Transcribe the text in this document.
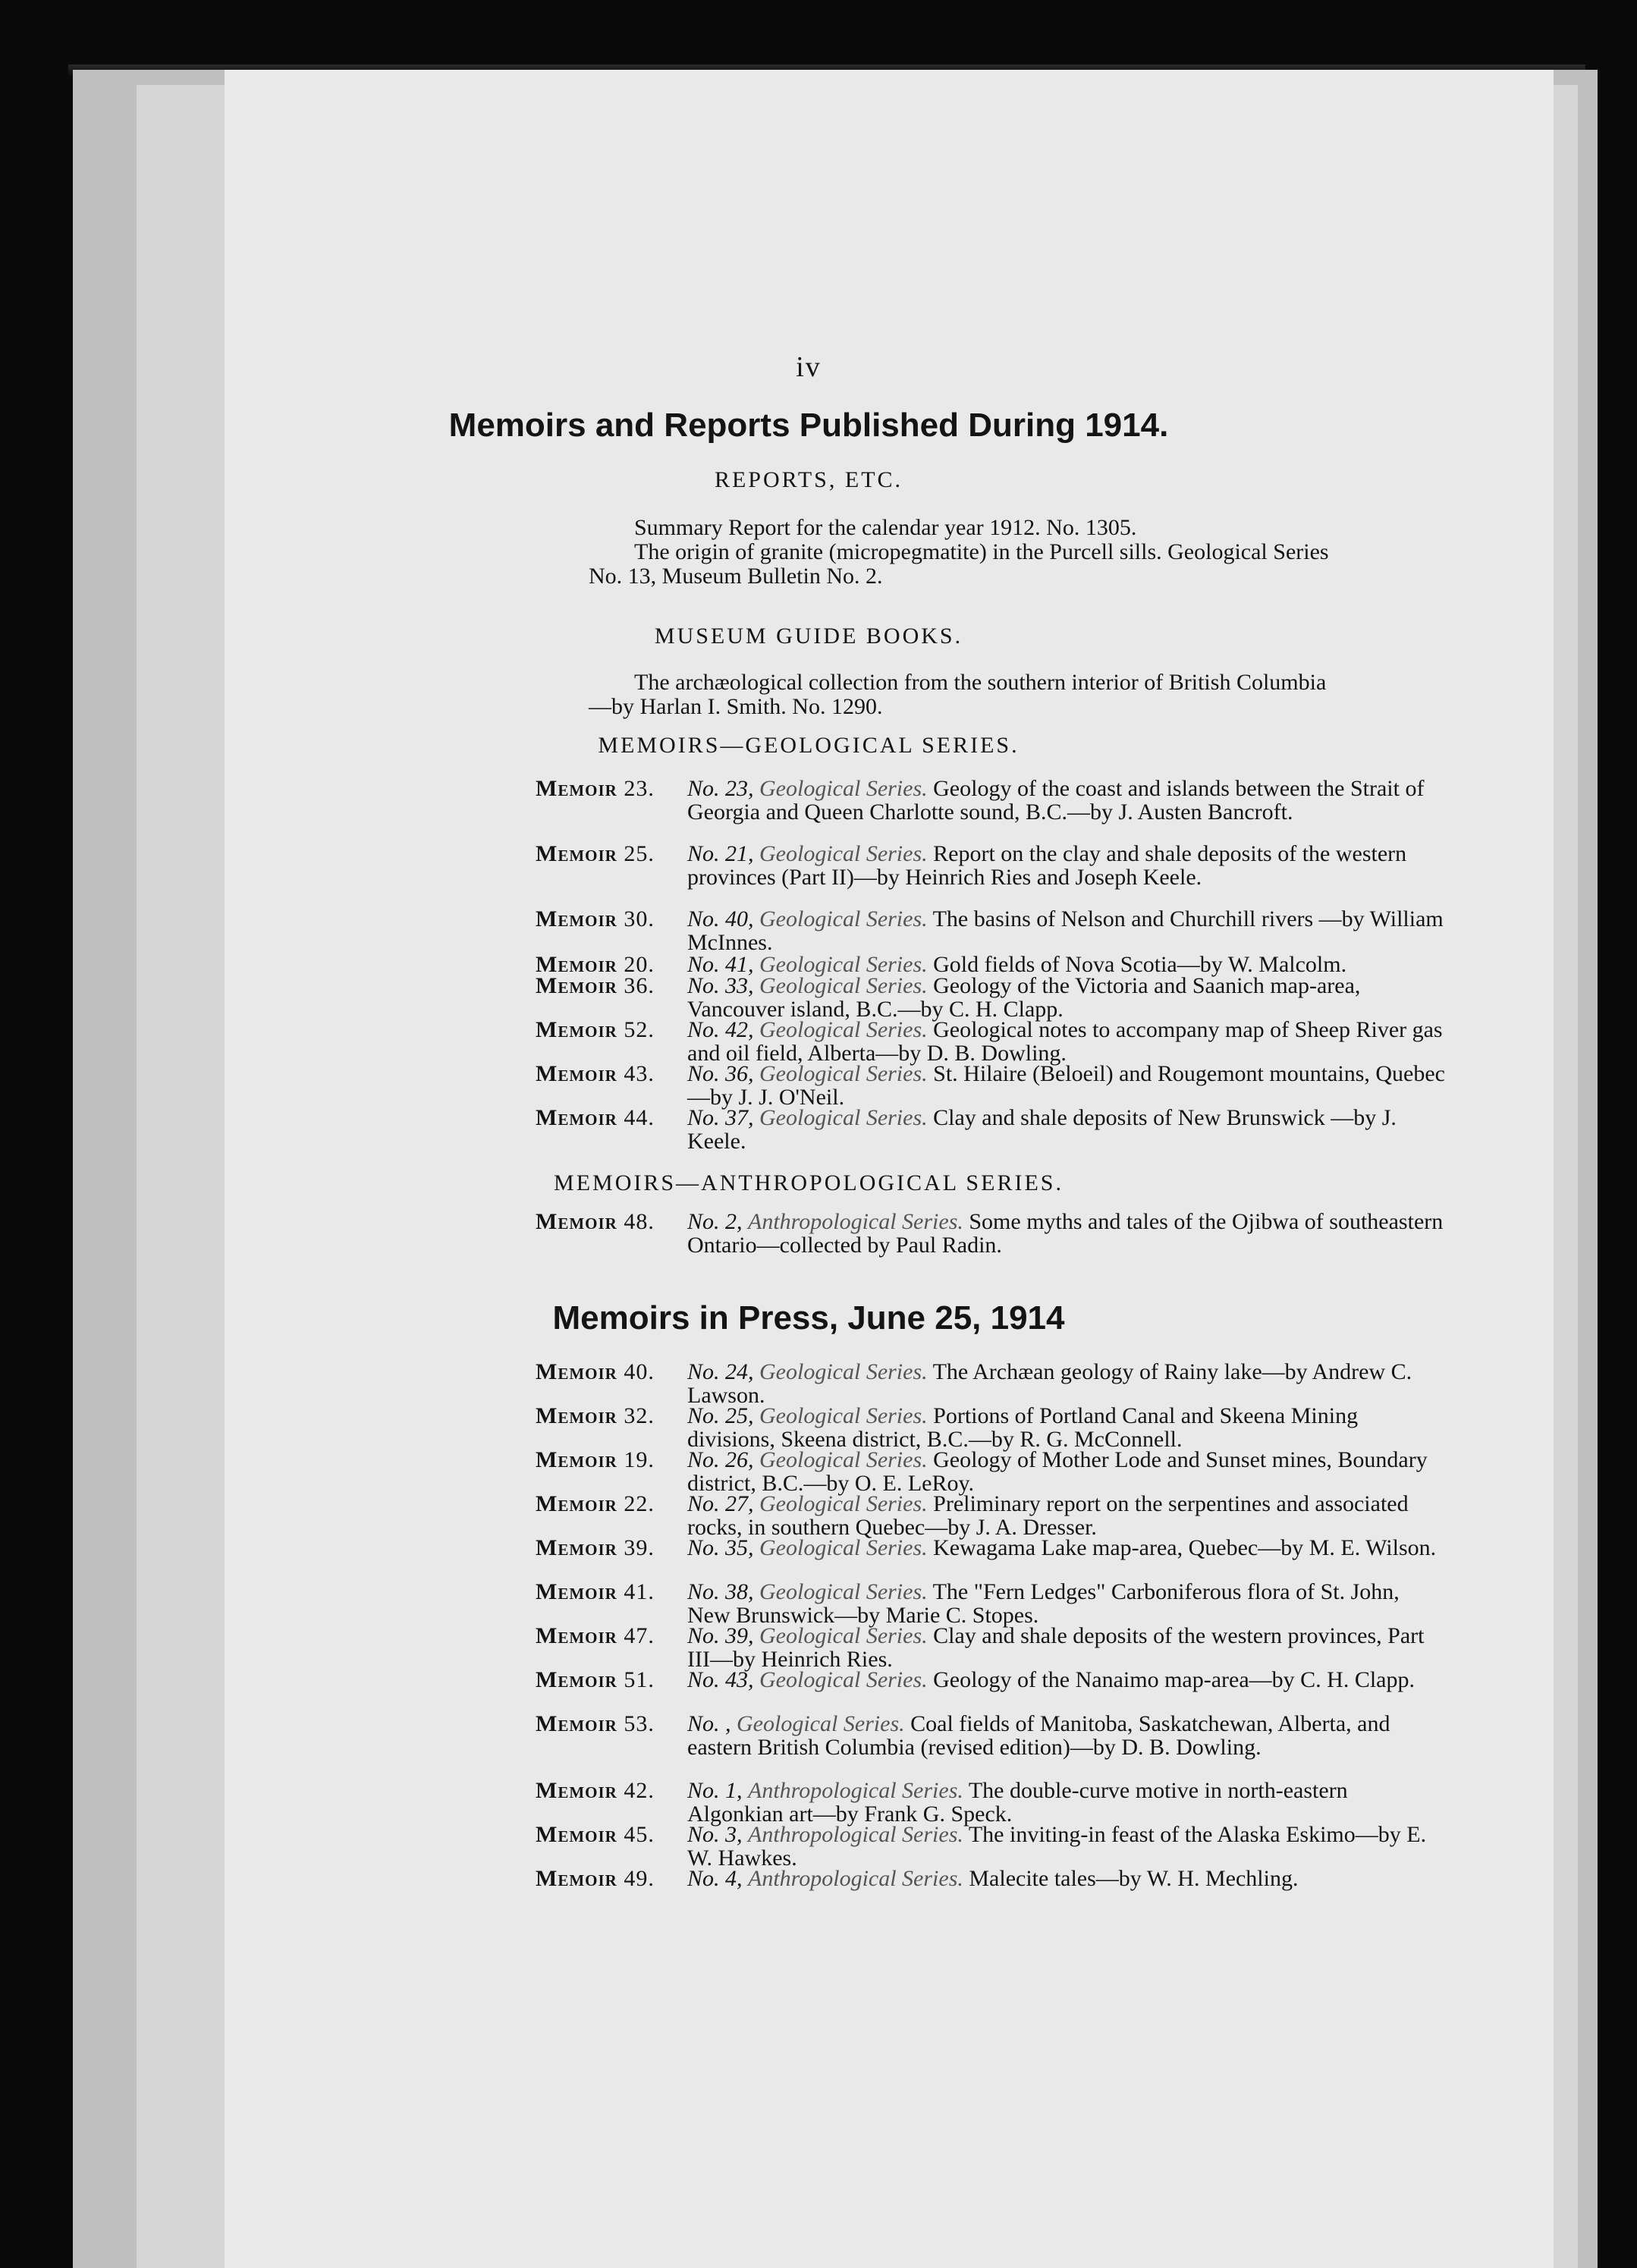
iv
Memoirs and Reports Published During 1914.
REPORTS, ETC.
Summary Report for the calendar year 1912. No. 1305.
The origin of granite (micropegmatite) in the Purcell sills. Geological Series
No. 13, Museum Bulletin No. 2.
MUSEUM GUIDE BOOKS.
The archæological collection from the southern interior of British Columbia
—by Harlan I. Smith. No. 1290.
MEMOIRS—GEOLOGICAL SERIES.
Memoir 23.	No. 23, Geological Series. Geology of the coast and islands between the Strait of Georgia and Queen Charlotte sound, B.C.—by J. Austen Bancroft.
Memoir 25.	No. 21, Geological Series. Report on the clay and shale deposits of the western provinces (Part II)—by Heinrich Ries and Joseph Keele.
Memoir 30.	No. 40, Geological Series. The basins of Nelson and Churchill rivers —by William McInnes.
Memoir 20.	No. 41, Geological Series. Gold fields of Nova Scotia—by W. Malcolm.
Memoir 36.	No. 33, Geological Series. Geology of the Victoria and Saanich map-area, Vancouver island, B.C.—by C. H. Clapp.
Memoir 52.	No. 42, Geological Series. Geological notes to accompany map of Sheep River gas and oil field, Alberta—by D. B. Dowling.
Memoir 43.	No. 36, Geological Series. St. Hilaire (Beloeil) and Rougemont mountains, Quebec—by J. J. O'Neil.
Memoir 44.	No. 37, Geological Series. Clay and shale deposits of New Brunswick —by J. Keele.
MEMOIRS—ANTHROPOLOGICAL SERIES.
Memoir 48.	No. 2, Anthropological Series. Some myths and tales of the Ojibwa of southeastern Ontario—collected by Paul Radin.
Memoirs in Press, June 25, 1914
Memoir 40.	No. 24, Geological Series. The Archæan geology of Rainy lake—by Andrew C. Lawson.
Memoir 32.	No. 25, Geological Series. Portions of Portland Canal and Skeena Mining divisions, Skeena district, B.C.—by R. G. McConnell.
Memoir 19.	No. 26, Geological Series. Geology of Mother Lode and Sunset mines, Boundary district, B.C.—by O. E. LeRoy.
Memoir 22.	No. 27, Geological Series. Preliminary report on the serpentines and associated rocks, in southern Quebec—by J. A. Dresser.
Memoir 39.	No. 35, Geological Series. Kewagama Lake map-area, Quebec—by M. E. Wilson.
Memoir 41.	No. 38, Geological Series. The "Fern Ledges" Carboniferous flora of St. John, New Brunswick—by Marie C. Stopes.
Memoir 47.	No. 39, Geological Series. Clay and shale deposits of the western provinces, Part III—by Heinrich Ries.
Memoir 51.	No. 43, Geological Series. Geology of the Nanaimo map-area—by C. H. Clapp.
Memoir 53.	No. , Geological Series. Coal fields of Manitoba, Saskatchewan, Alberta, and eastern British Columbia (revised edition)—by D. B. Dowling.
Memoir 42.	No. 1, Anthropological Series. The double-curve motive in north-eastern Algonkian art—by Frank G. Speck.
Memoir 45.	No. 3, Anthropological Series. The inviting-in feast of the Alaska Eskimo—by E. W. Hawkes.
Memoir 49.	No. 4, Anthropological Series. Malecite tales—by W. H. Mechling.
